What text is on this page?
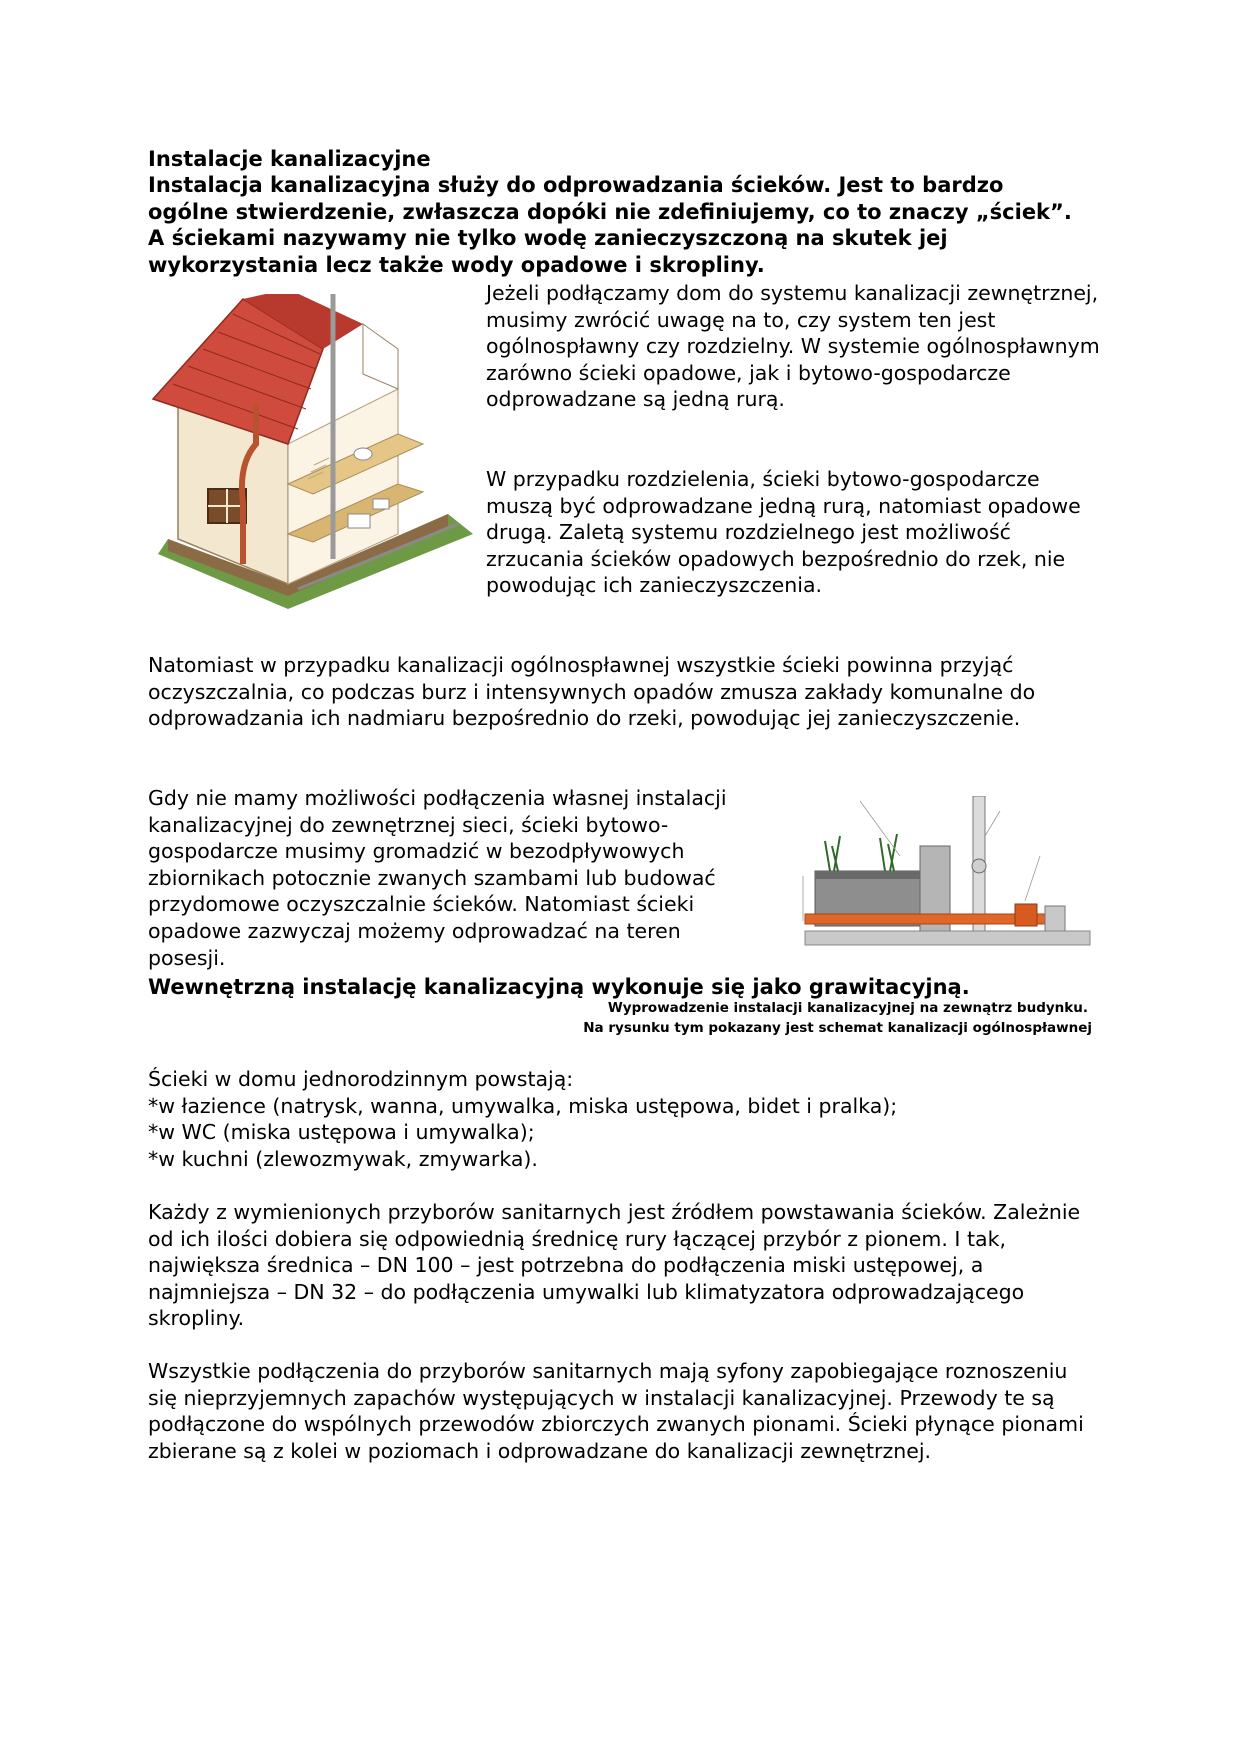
Instalacje kanalizacyjne

Instalacja kanalizacyjna służy do odprowadzania ścieków. Jest to bardzo ogólne stwierdzenie, zwłaszcza dopóki nie zdefiniujemy, co to znaczy „ściek”. A ściekami nazywamy nie tylko wodę zanieczyszczoną na skutek jej wykorzystania lecz także wody opadowe i skropliny.

Jeżeli podłączamy dom do systemu kanalizacji zewnętrznej, musimy zwrócić uwagę na to, czy system ten jest ogólnospławny czy rozdzielny. W systemie ogólnospławnym zarówno ścieki opadowe, jak i bytowo-gospodarcze odprowadzane są jedną rurą.

W przypadku rozdzielenia, ścieki bytowo-gospodarcze muszą być odprowadzane jedną rurą, natomiast opadowe drugą. Zaletą systemu rozdzielnego jest możliwość zrzucania ścieków opadowych bezpośrednio do rzek, nie powodując ich zanieczyszczenia.

Natomiast w przypadku kanalizacji ogólnospławnej wszystkie ścieki powinna przyjąć oczyszczalnia, co podczas burz i intensywnych opadów zmusza zakłady komunalne do odprowadzania ich nadmiaru bezpośrednio do rzeki, powodując jej zanieczyszczenie.

Gdy nie mamy możliwości podłączenia własnej instalacji kanalizacyjnej do zewnętrznej sieci, ścieki bytowo-gospodarcze musimy gromadzić w bezodpływowych zbiornikach potocznie zwanych szambami lub budować przydomowe oczyszczalnie ścieków. Natomiast ścieki opadowe zazwyczaj możemy odprowadzać na teren posesji.

Wewnętrzną instalację kanalizacyjną wykonuje się jako grawitacyjną.

Wyprowadzenie instalacji kanalizacyjnej na zewnątrz budynku.

Na rysunku tym pokazany jest schemat kanalizacji ogólnospławnej

Ścieki w domu jednorodzinnym powstają:
*w łazience (natrysk, wanna, umywalka, miska ustępowa, bidet i pralka);
*w WC (miska ustępowa i umywalka);
*w kuchni (zlewozmywak, zmywarka).

Każdy z wymienionych przyborów sanitarnych jest źródłem powstawania ścieków. Zależnie od ich ilości dobiera się odpowiednią średnicę rury łączącej przybór z pionem. I tak, największa średnica – DN 100 – jest potrzebna do podłączenia miski ustępowej, a najmniejsza – DN 32 – do podłączenia umywalki lub klimatyzatora odprowadzającego skropliny.

Wszystkie podłączenia do przyborów sanitarnych mają syfony zapobiegające roznoszeniu się nieprzyjemnych zapachów występujących w instalacji kanalizacyjnej. Przewody te są podłączone do wspólnych przewodów zbiorczych zwanych pionami. Ścieki płynące pionami zbierane są z kolei w poziomach i odprowadzane do kanalizacji zewnętrznej.
